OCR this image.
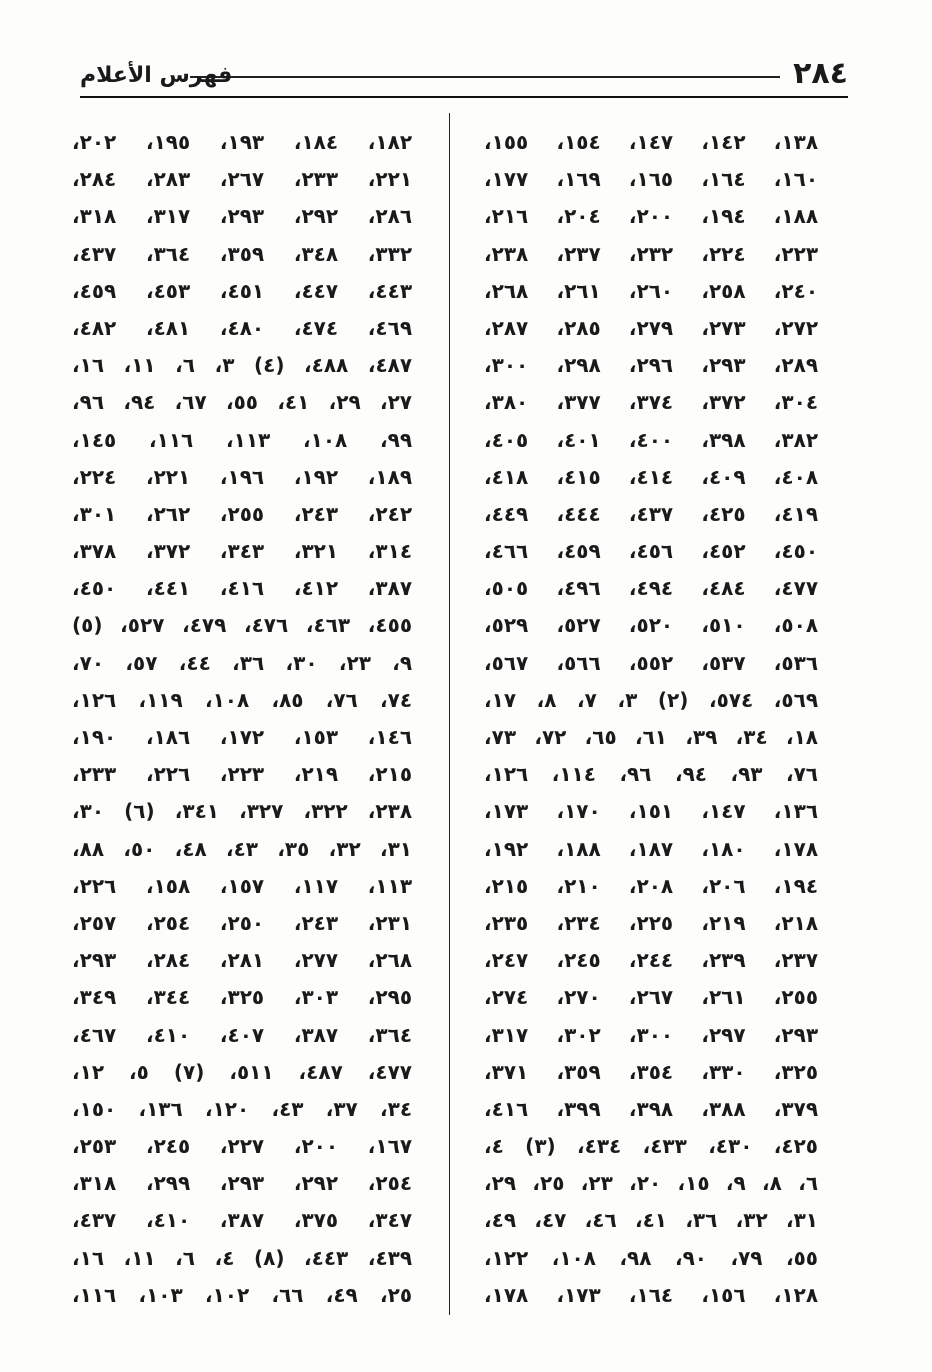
٢٨٤
فهرس الأعلام
١٣٨، ١٤٢، ١٤٧، ١٥٤، ١٥٥،
١٦٠، ١٦٤، ١٦٥، ١٦٩، ١٧٧،
١٨٨، ١٩٤، ٢٠٠، ٢٠٤، ٢١٦،
٢٢٣، ٢٢٤، ٢٣٢، ٢٣٧، ٢٣٨،
٢٤٠، ٢٥٨، ٢٦٠، ٢٦١، ٢٦٨،
٢٧٢، ٢٧٣، ٢٧٩، ٢٨٥، ٢٨٧،
٢٨٩، ٢٩٣، ٢٩٦، ٢٩٨، ٣٠٠،
٣٠٤، ٣٧٢، ٣٧٤، ٣٧٧، ٣٨٠،
٣٨٢، ٣٩٨، ٤٠٠، ٤٠١، ٤٠٥،
٤٠٨، ٤٠٩، ٤١٤، ٤١٥، ٤١٨،
٤١٩، ٤٢٥، ٤٣٧، ٤٤٤، ٤٤٩،
٤٥٠، ٤٥٢، ٤٥٦، ٤٥٩، ٤٦٦،
٤٧٧، ٤٨٤، ٤٩٤، ٤٩٦، ٥٠٥،
٥٠٨، ٥١٠، ٥٢٠، ٥٢٧، ٥٢٩،
٥٣٦، ٥٣٧، ٥٥٢، ٥٦٦، ٥٦٧،
٥٦٩، ٥٧٤، (٢) ٣، ٧، ٨، ١٧،
١٨، ٣٤، ٣٩، ٦١، ٦٥، ٧٢، ٧٣،
٧٦، ٩٣، ٩٤، ٩٦، ١١٤، ١٢٦،
١٣٦، ١٤٧، ١٥١، ١٧٠، ١٧٣،
١٧٨، ١٨٠، ١٨٧، ١٨٨، ١٩٢،
١٩٤، ٢٠٦، ٢٠٨، ٢١٠، ٢١٥،
٢١٨، ٢١٩، ٢٢٥، ٢٣٤، ٢٣٥،
٢٣٧، ٢٣٩، ٢٤٤، ٢٤٥، ٢٤٧،
٢٥٥، ٢٦١، ٢٦٧، ٢٧٠، ٢٧٤،
٢٩٣، ٢٩٧، ٣٠٠، ٣٠٢، ٣١٧،
٣٢٥، ٣٣٠، ٣٥٤، ٣٥٩، ٣٧١،
٣٧٩، ٣٨٨، ٣٩٨، ٣٩٩، ٤١٦،
٤٢٥، ٤٣٠، ٤٣٣، ٤٣٤، (٣) ٤،
٦، ٨، ٩، ١٥، ٢٠، ٢٣، ٢٥، ٢٩،
٣١، ٣٢، ٣٦، ٤١، ٤٦، ٤٧، ٤٩،
٥٥، ٧٩، ٩٠، ٩٨، ١٠٨، ١٢٢،
١٢٨، ١٥٦، ١٦٤، ١٧٣، ١٧٨،
١٨٢، ١٨٤، ١٩٣، ١٩٥، ٢٠٢،
٢٢١، ٢٣٣، ٢٦٧، ٢٨٣، ٢٨٤،
٢٨٦، ٢٩٢، ٢٩٣، ٣١٧، ٣١٨،
٣٣٢، ٣٤٨، ٣٥٩، ٣٦٤، ٤٣٧،
٤٤٣، ٤٤٧، ٤٥١، ٤٥٣، ٤٥٩،
٤٦٩، ٤٧٤، ٤٨٠، ٤٨١، ٤٨٢،
٤٨٧، ٤٨٨، (٤) ٣، ٦، ١١، ١٦،
٢٧، ٢٩، ٤١، ٥٥، ٦٧، ٩٤، ٩٦،
٩٩، ١٠٨، ١١٣، ١١٦، ١٤٥،
١٨٩، ١٩٢، ١٩٦، ٢٢١، ٢٢٤،
٢٤٢، ٢٤٣، ٢٥٥، ٢٦٢، ٣٠١،
٣١٤، ٣٢١، ٣٤٣، ٣٧٢، ٣٧٨،
٣٨٧، ٤١٢، ٤١٦، ٤٤١، ٤٥٠،
٤٥٥، ٤٦٣، ٤٧٦، ٤٧٩، ٥٢٧، (٥)
٩، ٢٣، ٣٠، ٣٦، ٤٤، ٥٧، ٧٠،
٧٤، ٧٦، ٨٥، ١٠٨، ١١٩، ١٢٦،
١٤٦، ١٥٣، ١٧٢، ١٨٦، ١٩٠،
٢١٥، ٢١٩، ٢٢٣، ٢٢٦، ٢٣٣،
٢٣٨، ٣٢٢، ٣٢٧، ٣٤١، (٦) ٣٠،
٣١، ٣٢، ٣٥، ٤٣، ٤٨، ٥٠، ٨٨،
١١٣، ١١٧، ١٥٧، ١٥٨، ٢٢٦،
٢٣١، ٢٤٣، ٢٥٠، ٢٥٤، ٢٥٧،
٢٦٨، ٢٧٧، ٢٨١، ٢٨٤، ٢٩٣،
٢٩٥، ٣٠٣، ٣٢٥، ٣٤٤، ٣٤٩،
٣٦٤، ٣٨٧، ٤٠٧، ٤١٠، ٤٦٧،
٤٧٧، ٤٨٧، ٥١١، (٧) ٥، ١٢،
٣٤، ٣٧، ٤٣، ١٢٠، ١٣٦، ١٥٠،
١٦٧، ٢٠٠، ٢٢٧، ٢٤٥، ٢٥٣،
٢٥٤، ٢٩٢، ٢٩٣، ٢٩٩، ٣١٨،
٣٤٧، ٣٧٥، ٣٨٧، ٤١٠، ٤٣٧،
٤٣٩، ٤٤٣، (٨) ٤، ٦، ١١، ١٦،
٢٥، ٤٩، ٦٦، ١٠٢، ١٠٣، ١١٦،
